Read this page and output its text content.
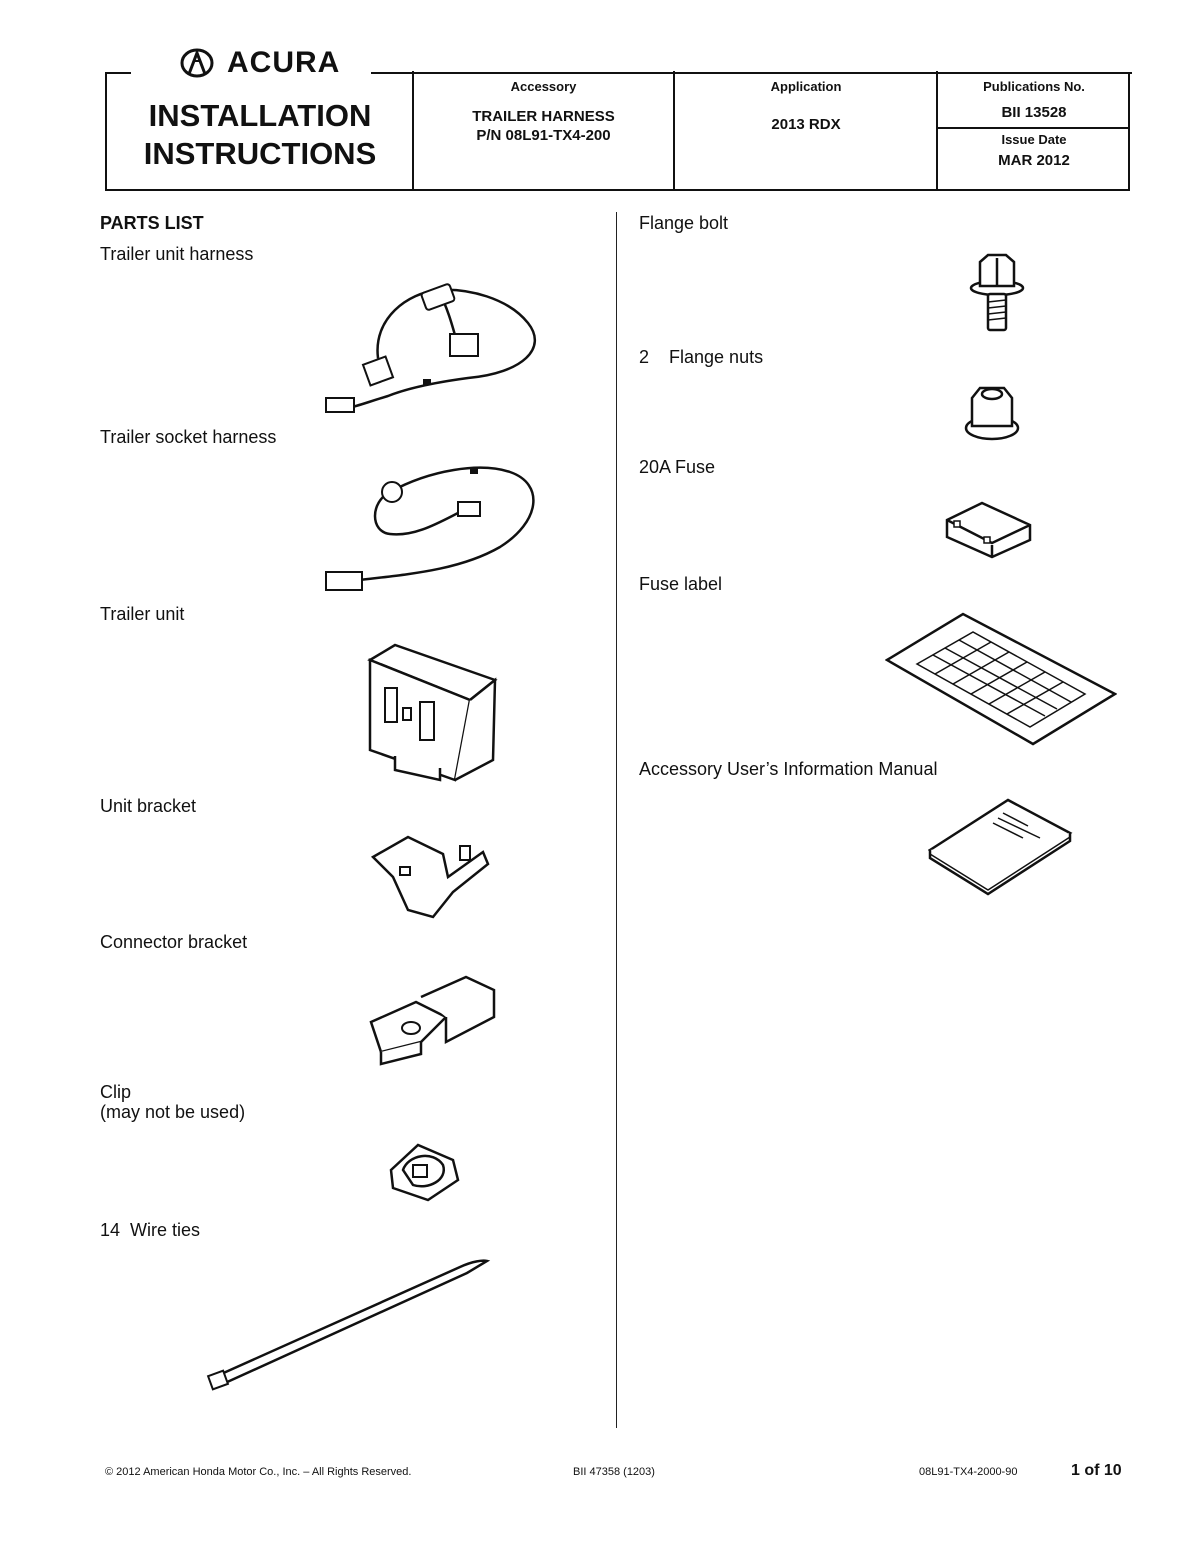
ACURA
INSTALLATION
INSTRUCTIONS
Accessory
TRAILER HARNESS
P/N 08L91-TX4-200
Application
2013 RDX
Publications No.
BII 13528
Issue Date
MAR 2012
PARTS LIST
Trailer unit harness
Trailer socket harness
Trailer unit
Unit bracket
Connector bracket
Clip
(may not be used)
14  Wire ties
Flange bolt
2    Flange nuts
20A Fuse
Fuse label
Accessory User’s Information Manual
© 2012 American Honda Motor Co., Inc. – All Rights Reserved.	BII 47358 (1203)	08L91-TX4-2000-90	1 of 10
